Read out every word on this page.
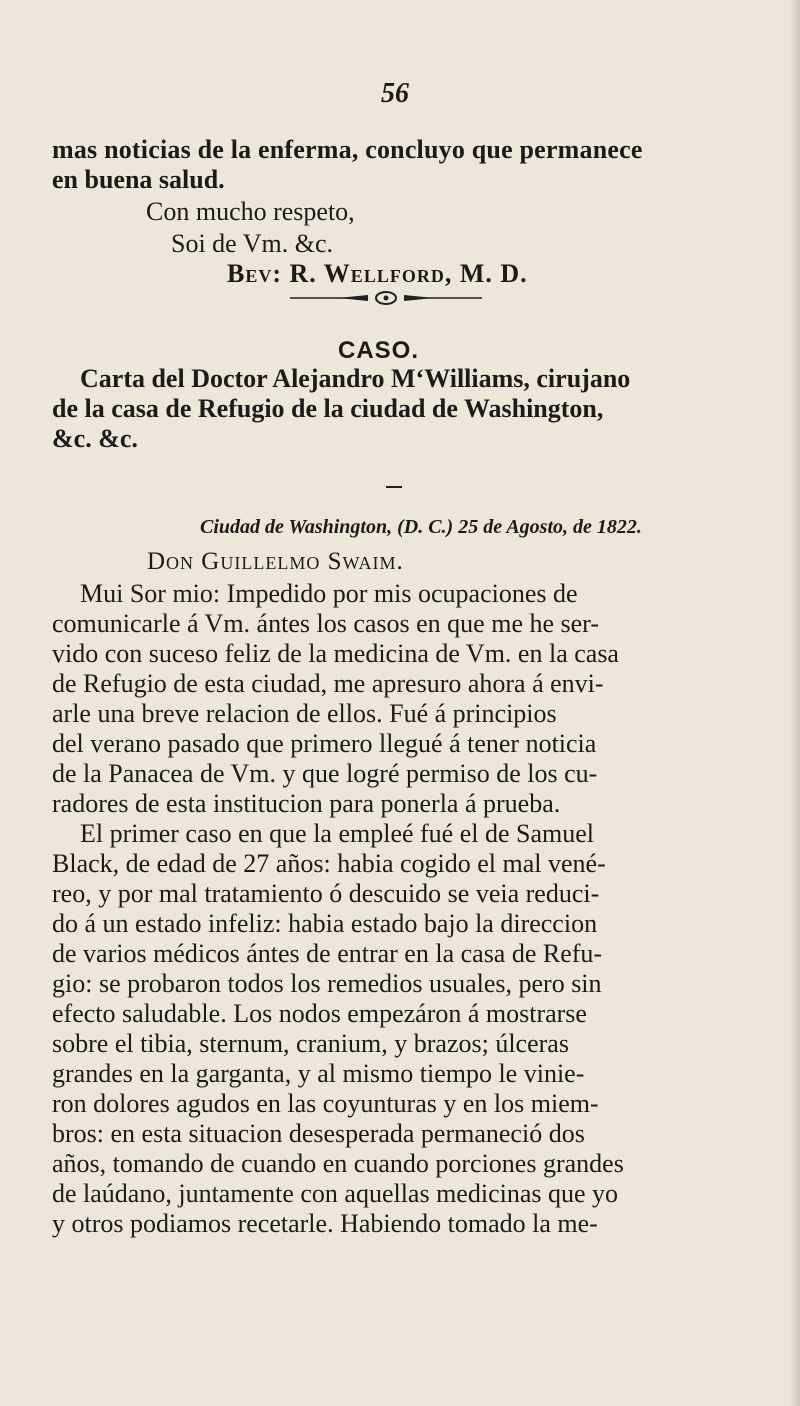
56
mas noticias de la enferma, concluyo que permanece
en buena salud.
Con mucho respeto,
Soi de Vm. &c.
Bev: R. Wellford, M. D.
CASO.
Carta del Doctor Alejandro M‘Williams, cirujano
de la casa de Refugio de la ciudad de Washington,
&c. &c.
Ciudad de Washington, (D. C.) 25 de Agosto, de 1822.
Don Guillelmo Swaim.
Mui Sor mio: Impedido por mis ocupaciones de
comunicarle á Vm. ántes los casos en que me he ser-
vido con suceso feliz de la medicina de Vm. en la casa
de Refugio de esta ciudad, me apresuro ahora á envi-
arle una breve relacion de ellos. Fué á principios
del verano pasado que primero llegué á tener noticia
de la Panacea de Vm. y que logré permiso de los cu-
radores de esta institucion para ponerla á prueba.
El primer caso en que la empleé fué el de Samuel
Black, de edad de 27 años: habia cogido el mal vené-
reo, y por mal tratamiento ó descuido se veia reduci-
do á un estado infeliz: habia estado bajo la direccion
de varios médicos ántes de entrar en la casa de Refu-
gio: se probaron todos los remedios usuales, pero sin
efecto saludable. Los nodos empezáron á mostrarse
sobre el tibia, sternum, cranium, y brazos; úlceras
grandes en la garganta, y al mismo tiempo le vinie-
ron dolores agudos en las coyunturas y en los miem-
bros: en esta situacion desesperada permaneció dos
años, tomando de cuando en cuando porciones grandes
de laúdano, juntamente con aquellas medicinas que yo
y otros podiamos recetarle. Habiendo tomado la me-
